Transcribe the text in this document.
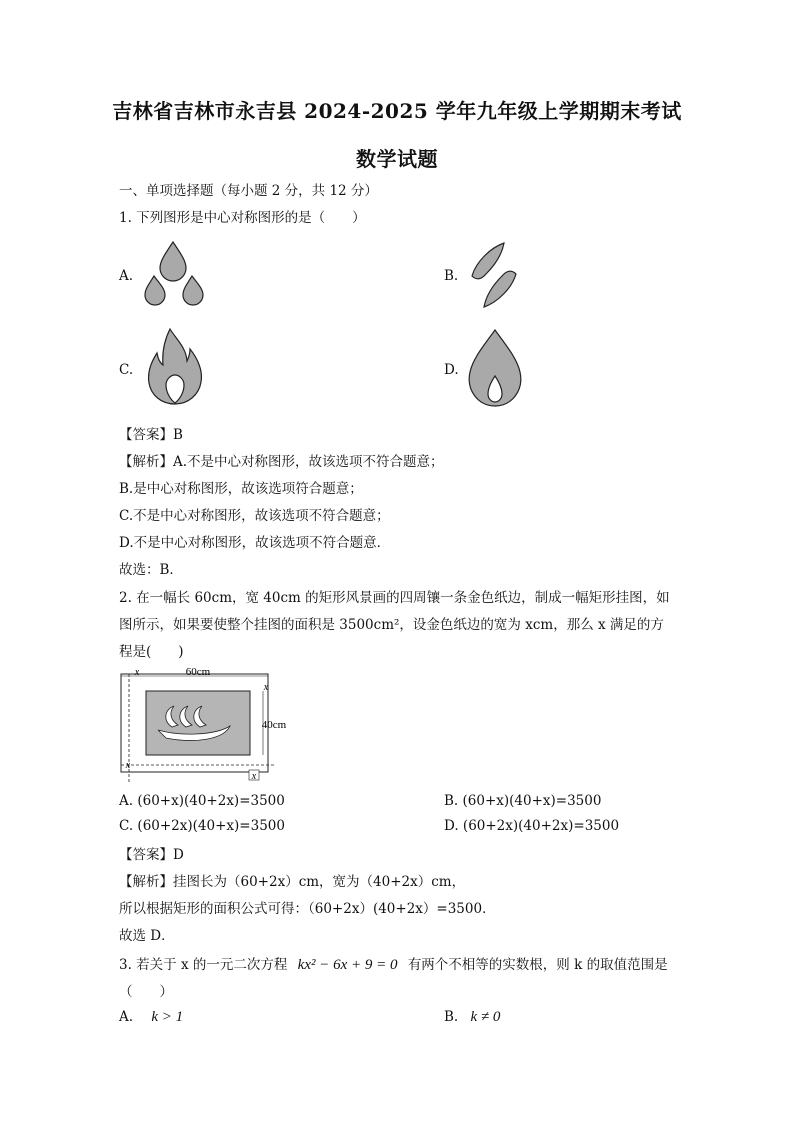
吉林省吉林市永吉县 2024-2025 学年九年级上学期期末考试
数学试题
一、单项选择题（每小题 2 分，共 12 分）
1. 下列图形是中心对称图形的是（　　）
A.	B.
C.	D.
【答案】B
【解析】A.不是中心对称图形，故该选项不符合题意；
B.是中心对称图形，故该选项符合题意；
C.不是中心对称图形，故该选项不符合题意；
D.不是中心对称图形，故该选项不符合题意．
故选：B．
2. 在一幅长 60cm，宽 40cm 的矩形风景画的四周镶一条金色纸边，制成一幅矩形挂图，如
图所示，如果要使整个挂图的面积是 3500cm²，设金色纸边的宽为 xcm，那么 x 满足的方
程是(　　)
60cm
x
40cm
x
x
x
A. (60+x)(40+2x)=3500	B. (60+x)(40+x)=3500
C. (60+2x)(40+x)=3500	D. (60+2x)(40+2x)=3500
【答案】D
【解析】挂图长为（60+2x）cm，宽为（40+2x）cm，
所以根据矩形的面积公式可得：（60+2x）(40+2x）=3500．
故选 D．
3. 若关于 x 的一元二次方程 kx² − 6x + 9 = 0 有两个不相等的实数根，则 k 的取值范围是
（　　）
A. k > 1	B. k ≠ 0
